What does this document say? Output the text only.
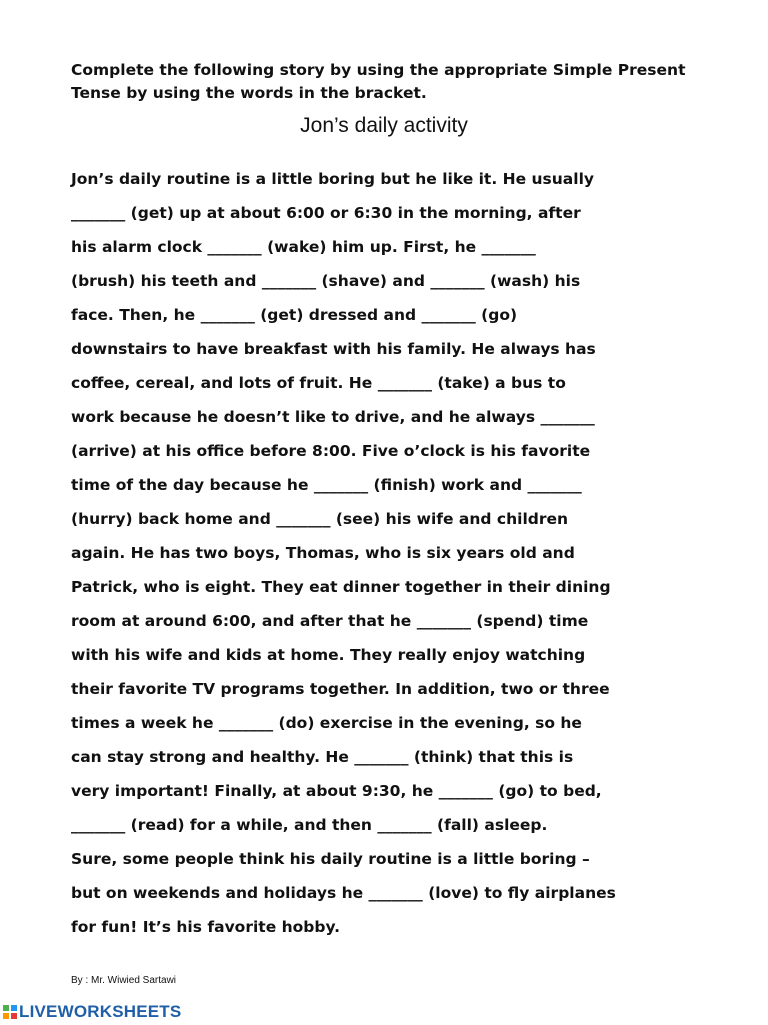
Complete the following story by using the appropriate Simple Present Tense by using the words in the bracket.

Jon’s daily activity
Jon’s daily routine is a little boring but he like it. He usually
_______ (get) up at about 6:00 or 6:30 in the morning, after
his alarm clock _______ (wake) him up. First, he _______
(brush) his teeth and _______ (shave) and _______ (wash) his
face. Then, he _______ (get) dressed and _______ (go)
downstairs to have breakfast with his family. He always has
coffee, cereal, and lots of fruit. He _______ (take) a bus to
work because he doesn’t like to drive, and he always _______
(arrive) at his office before 8:00. Five o’clock is his favorite
time of the day because he _______ (finish) work and _______
(hurry) back home and _______ (see) his wife and children
again. He has two boys, Thomas, who is six years old and
Patrick, who is eight. They eat dinner together in their dining
room at around 6:00, and after that he _______ (spend) time
with his wife and kids at home. They really enjoy watching
their favorite TV programs together. In addition, two or three
times a week he _______ (do) exercise in the evening, so he
can stay strong and healthy. He _______ (think) that this is
very important! Finally, at about 9:30, he _______ (go) to bed,
_______ (read) for a while, and then _______ (fall) asleep.
Sure, some people think his daily routine is a little boring –
but on weekends and holidays he _______ (love) to fly airplanes
for fun! It’s his favorite hobby.
By : Mr. Wiwied Sartawi
LIVEWORKSHEETS
